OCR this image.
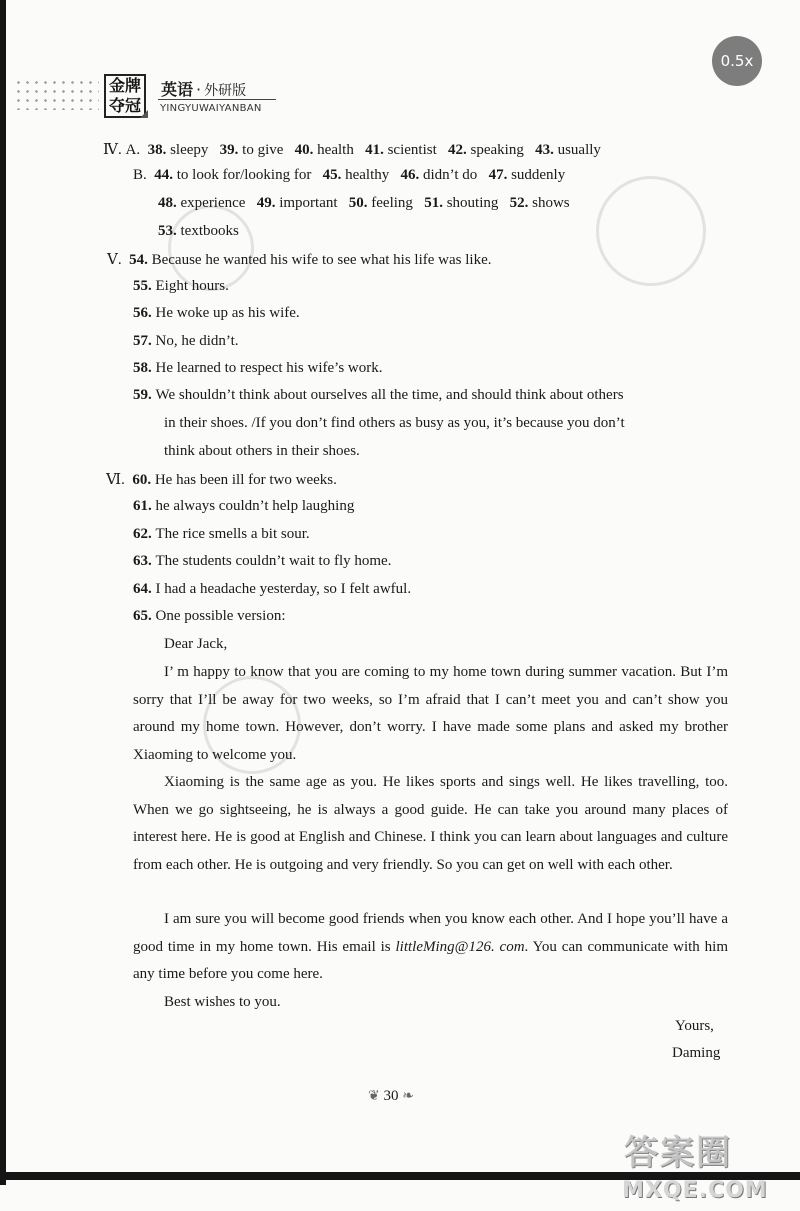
金牌
夺冠
英语 · 外研版
YINGYUWAIYANBAN
0.5x
Ⅳ. A. 38. sleepy 39. to give 40. health 41. scientist 42. speaking 43. usually
B. 44. to look for/looking for 45. healthy 46. didn’t do 47. suddenly
48. experience 49. important 50. feeling 51. shouting 52. shows
53. textbooks
Ⅴ. 54. Because he wanted his wife to see what his life was like.
55. Eight hours.
56. He woke up as his wife.
57. No, he didn’t.
58. He learned to respect his wife’s work.
59. We shouldn’t think about ourselves all the time, and should think about others
in their shoes. /If you don’t find others as busy as you, it’s because you don’t
think about others in their shoes.
Ⅵ. 60. He has been ill for two weeks.
61. he always couldn’t help laughing
62. The rice smells a bit sour.
63. The students couldn’t wait to fly home.
64. I had a headache yesterday, so I felt awful.
65. One possible version:
Dear Jack,
I’ m happy to know that you are coming to my home town during summer vacation. But I’m sorry that I’ll be away for two weeks, so I’m afraid that I can’t meet you and can’t show you around my home town. However, don’t worry. I have made some plans and asked my brother Xiaoming to welcome you.
Xiaoming is the same age as you. He likes sports and sings well. He likes travelling, too. When we go sightseeing, he is always a good guide. He can take you around many places of interest here. He is good at English and Chinese. I think you can learn about languages and culture from each other. He is outgoing and very friendly. So you can get on well with each other.
I am sure you will become good friends when you know each other. And I hope you’ll have a good time in my home town. His email is littleMing@126. com. You can communicate with him any time before you come here.
Best wishes to you.
Yours,
Daming
❦ 30 ❧
答案圈
MXQE.COM
